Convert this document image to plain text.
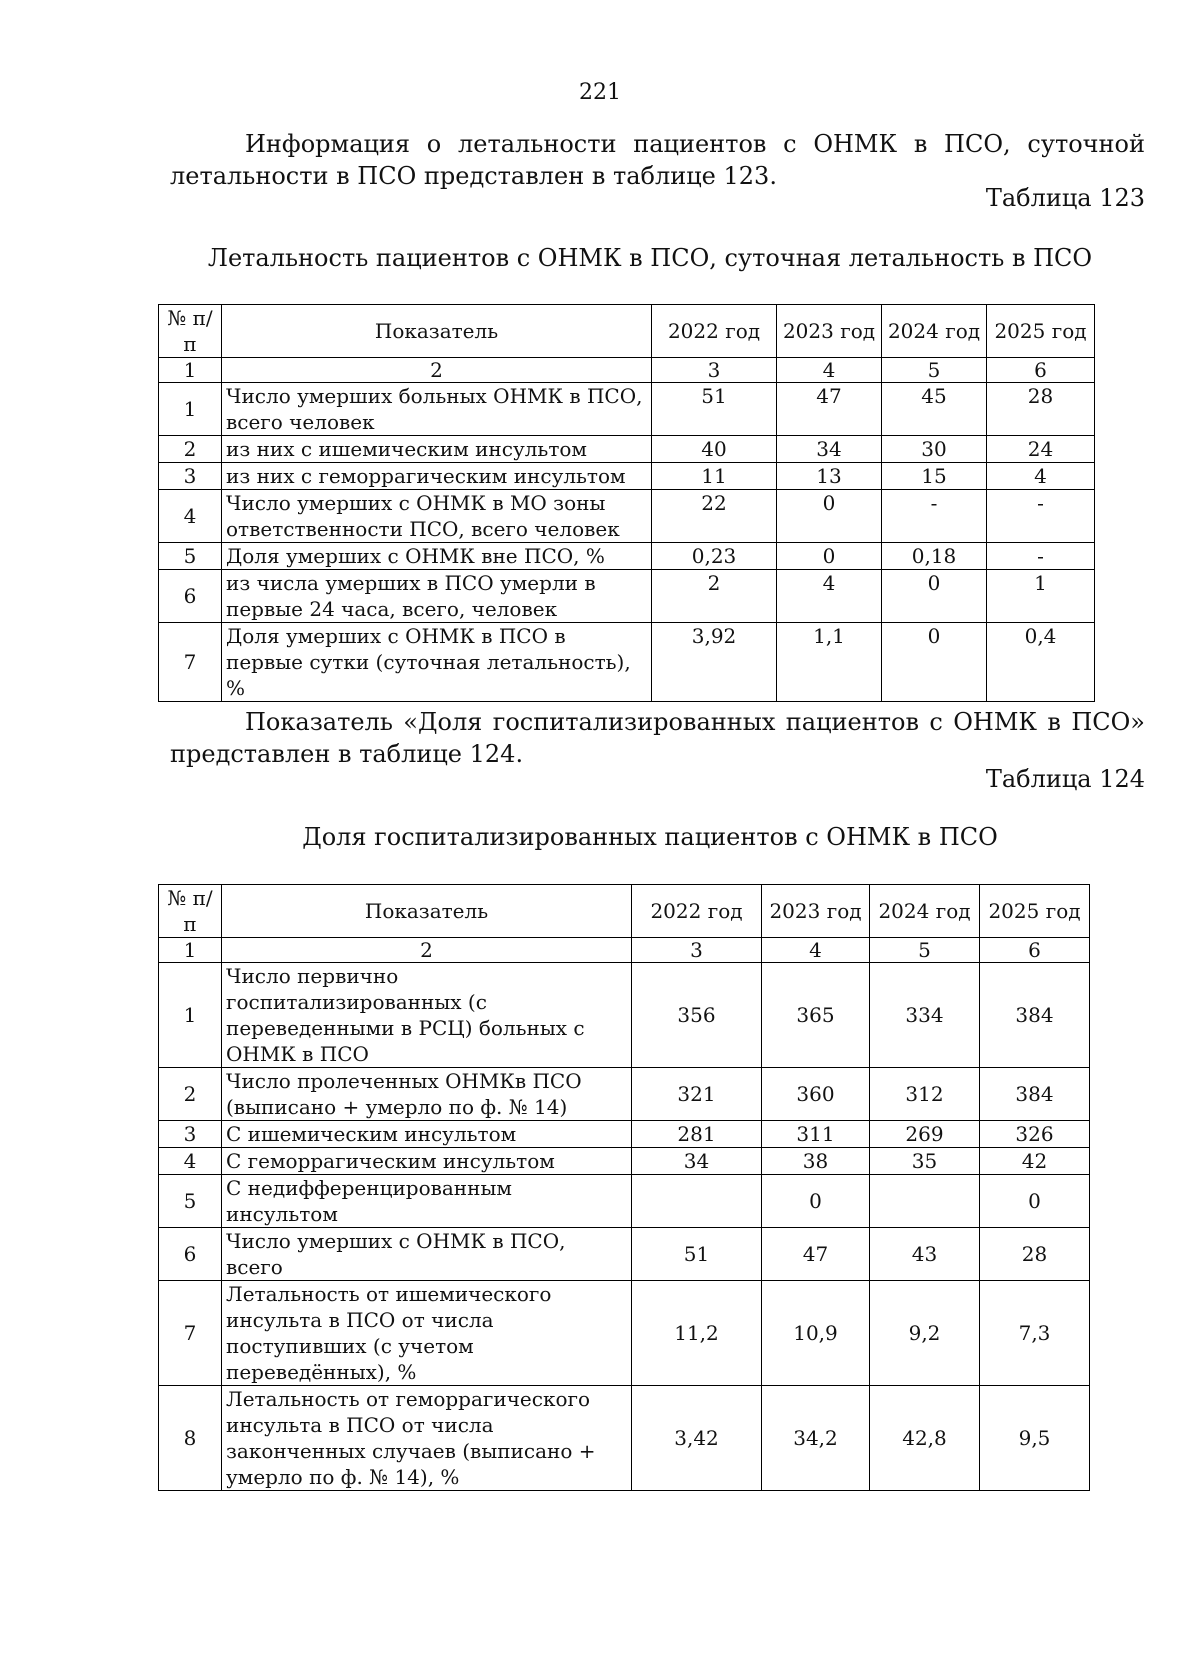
221
Информация о летальности пациентов с ОНМК в ПСО, суточной
летальности в ПСО представлен в таблице 123.
Таблица 123
Летальность пациентов с ОНМК в ПСО, суточная летальность в ПСО
№ п/п	Показатель	2022 год	2023 год	2024 год	2025 год
1	2	3	4	5	6
1	Число умерших больных ОНМК в ПСО, всего человек	51	47	45	28
2	из них с ишемическим инсультом	40	34	30	24
3	из них с геморрагическим инсультом	11	13	15	4
4	Число умерших с ОНМК в МО зоны ответственности ПСО, всего человек	22	0	-	-
5	Доля умерших с ОНМК вне ПСО, %	0,23	0	0,18	-
6	из числа умерших в ПСО умерли в первые 24 часа, всего, человек	2	4	0	1
7	Доля умерших с ОНМК в ПСО в первые сутки (суточная летальность), %	3,92	1,1	0	0,4
Показатель «Доля госпитализированных пациентов с ОНМК в ПСО»
представлен в таблице 124.
Таблица 124
Доля госпитализированных пациентов с ОНМК в ПСО
№ п/п	Показатель	2022 год	2023 год	2024 год	2025 год
1	2	3	4	5	6
1	Число первично госпитализированных (с переведенными в РСЦ) больных с ОНМК в ПСО	356	365	334	384
2	Число пролеченных ОНМКв ПСО (выписано + умерло по ф. № 14)	321	360	312	384
3	С ишемическим инсультом	281	311	269	326
4	С геморрагическим инсультом	34	38	35	42
5	С недифференцированным инсультом		0		0
6	Число умерших с ОНМК в ПСО, всего	51	47	43	28
7	Летальность от ишемического инсульта в ПСО от числа поступивших (с учетом переведённых), %	11,2	10,9	9,2	7,3
8	Летальность от геморрагического инсульта в ПСО от числа законченных случаев (выписано + умерло по ф. № 14), %	3,42	34,2	42,8	9,5
